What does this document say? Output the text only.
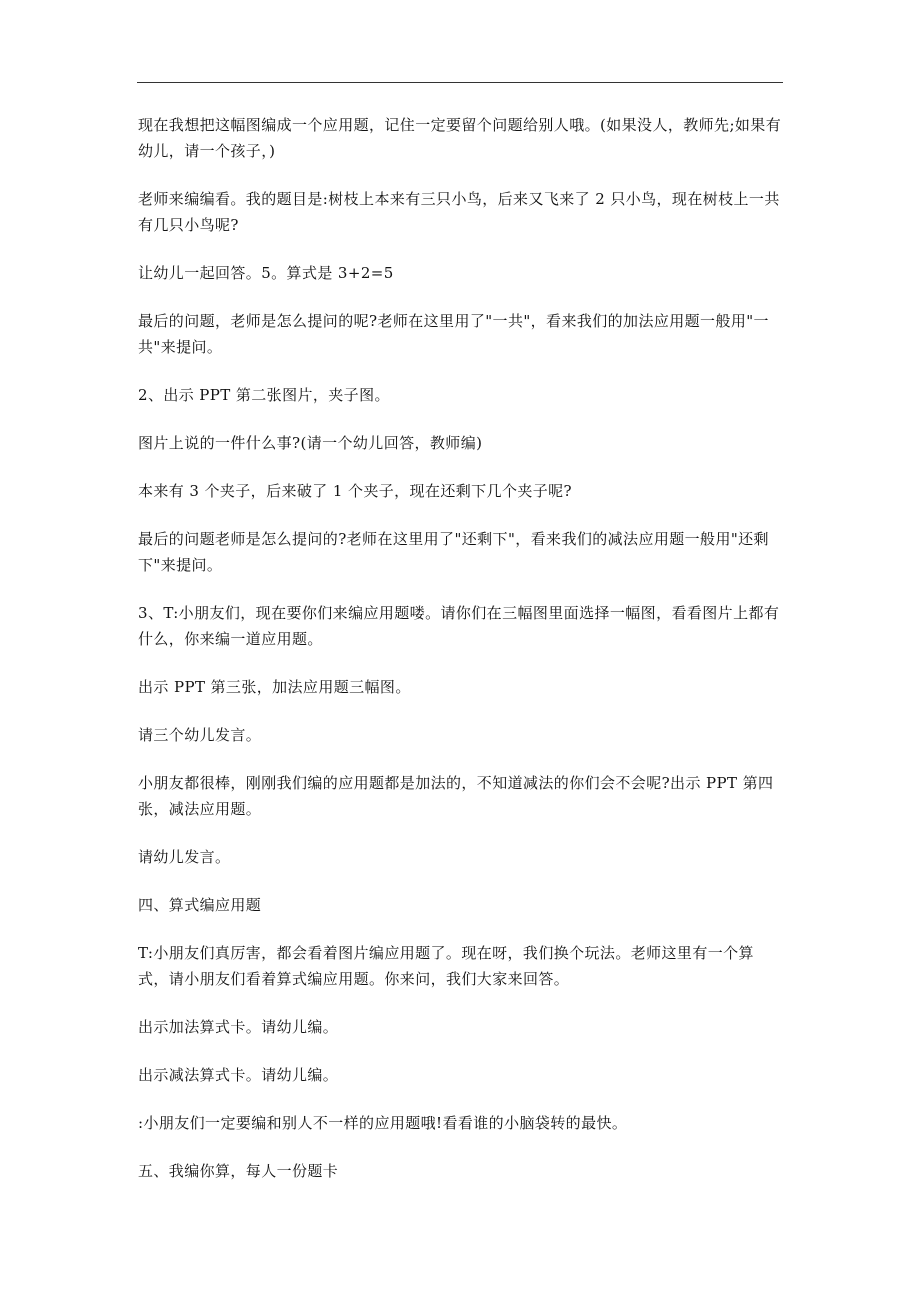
现在我想把这幅图编成一个应用题，记住一定要留个问题给别人哦。(如果没人，教师先;如果有幼儿，请一个孩子，)

老师来编编看。我的题目是:树枝上本来有三只小鸟，后来又飞来了 2 只小鸟，现在树枝上一共有几只小鸟呢?

让幼儿一起回答。5。算式是 3+2=5

最后的问题，老师是怎么提问的呢?老师在这里用了"一共"，看来我们的加法应用题一般用"一共"来提问。

2、出示 PPT 第二张图片，夹子图。

图片上说的一件什么事?(请一个幼儿回答，教师编)

本来有 3 个夹子，后来破了 1 个夹子，现在还剩下几个夹子呢?

最后的问题老师是怎么提问的?老师在这里用了"还剩下"，看来我们的减法应用题一般用"还剩下"来提问。

3、T:小朋友们，现在要你们来编应用题喽。请你们在三幅图里面选择一幅图，看看图片上都有什么，你来编一道应用题。

出示 PPT 第三张，加法应用题三幅图。

请三个幼儿发言。

小朋友都很棒，刚刚我们编的应用题都是加法的，不知道减法的你们会不会呢?出示 PPT 第四张，减法应用题。

请幼儿发言。

四、算式编应用题

T:小朋友们真厉害，都会看着图片编应用题了。现在呀，我们换个玩法。老师这里有一个算式，请小朋友们看着算式编应用题。你来问，我们大家来回答。

出示加法算式卡。请幼儿编。

出示减法算式卡。请幼儿编。

:小朋友们一定要编和别人不一样的应用题哦!看看谁的小脑袋转的最快。

五、我编你算，每人一份题卡
